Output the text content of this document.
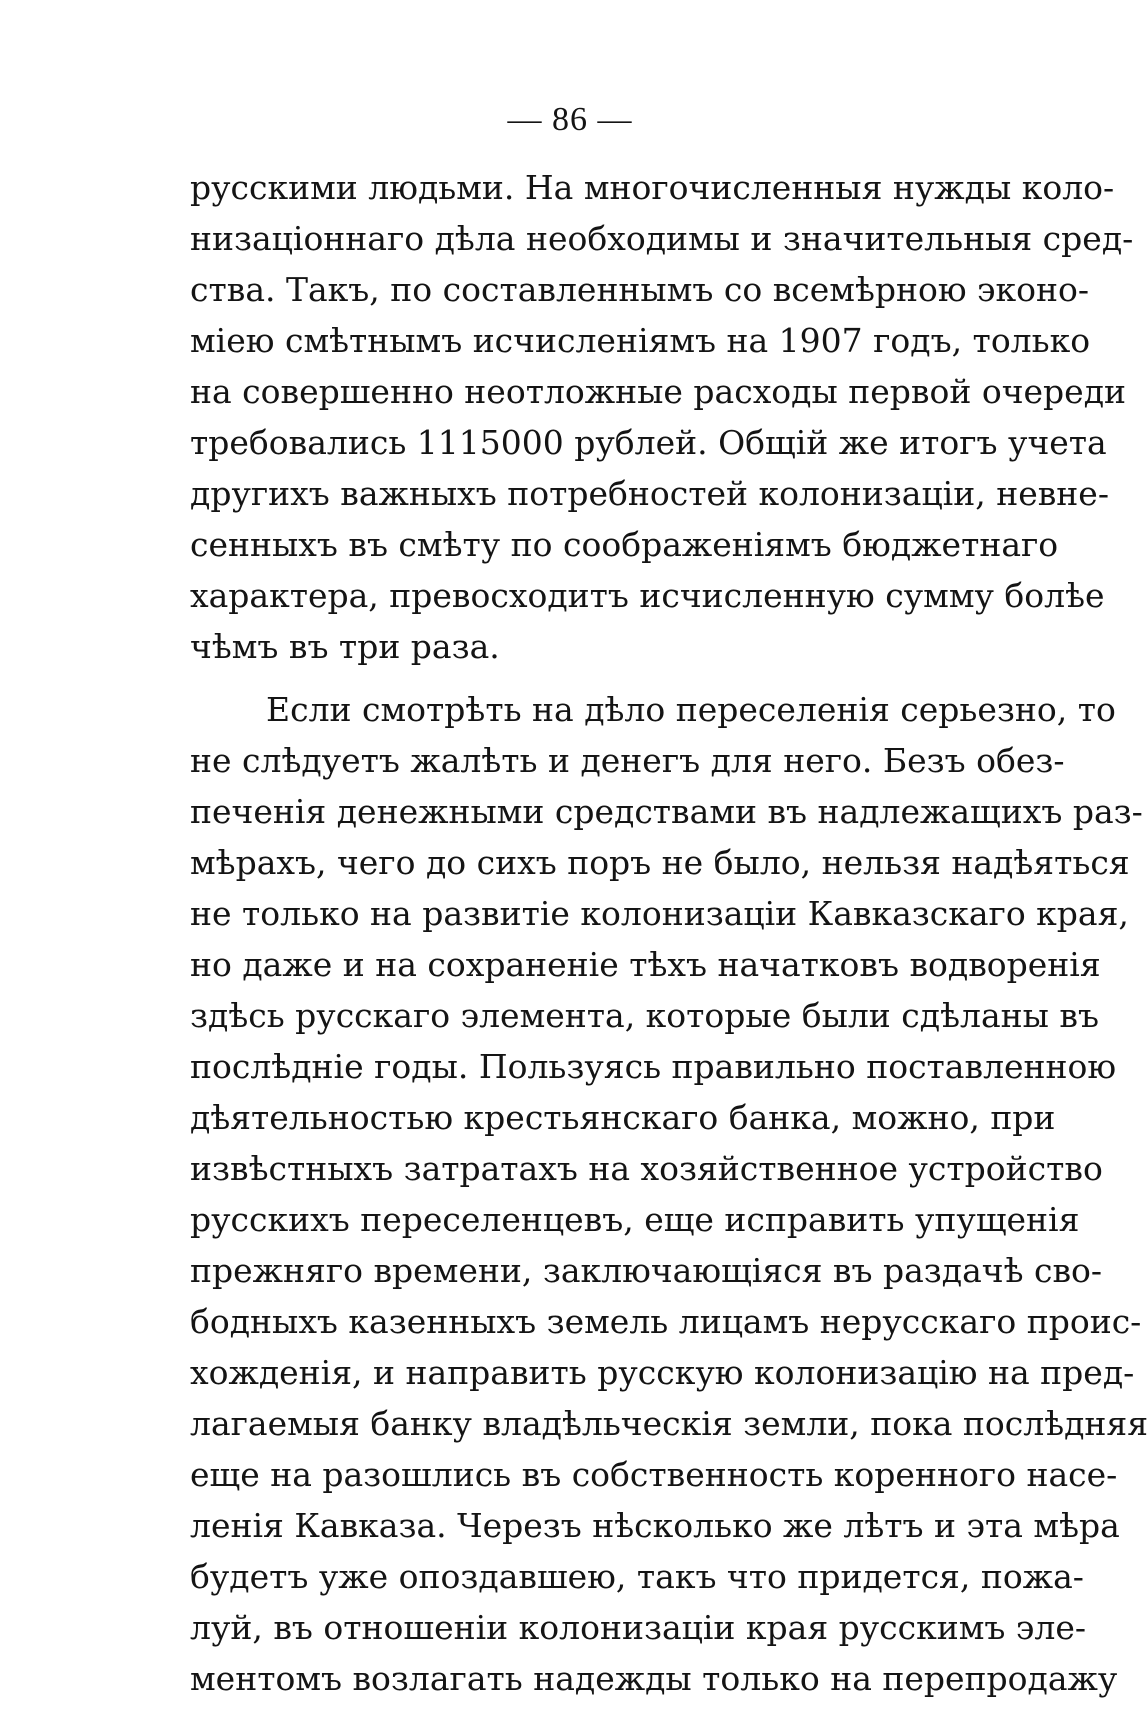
— 86 —
русскими людьми. На многочисленныя нужды коло-
низаціоннаго дѣла необходимы и значительныя сред-
ства. Такъ, по составленнымъ со всемѣрною эконо-
міею смѣтнымъ исчисленіямъ на 1907 годъ, только
на совершенно неотложные расходы первой очереди
требовались 1115000 рублей. Общій же итогъ учета
другихъ важныхъ потребностей колонизаціи, невне-
сенныхъ въ смѣту по соображеніямъ бюджетнаго
характера, превосходитъ исчисленную сумму болѣе
чѣмъ въ три раза.
Если смотрѣть на дѣло переселенія серьезно, то
не слѣдуетъ жалѣть и денегъ для него. Безъ обез-
печенія денежными средствами въ надлежащихъ раз-
мѣрахъ, чего до сихъ поръ не было, нельзя надѣяться
не только на развитіе колонизаціи Кавказскаго края,
но даже и на сохраненіе тѣхъ начатковъ водворенія
здѣсь русскаго элемента, которые были сдѣланы въ
послѣдніе годы. Пользуясь правильно поставленною
дѣятельностью крестьянскаго банка, можно, при
извѣстныхъ затратахъ на хозяйственное устройство
русскихъ переселенцевъ, еще исправить упущенія
прежняго времени, заключающіяся въ раздачѣ сво-
бодныхъ казенныхъ земель лицамъ нерусскаго проис-
хожденія, и направить русскую колонизацію на пред-
лагаемыя банку владѣльческія земли, пока послѣдняя
еще на разошлись въ собственность коренного насе-
ленія Кавказа. Черезъ нѣсколько же лѣтъ и эта мѣра
будетъ уже опоздавшею, такъ что придется, пожа-
луй, въ отношеніи колонизаціи края русскимъ эле-
ментомъ возлагать надежды только на перепродажу
